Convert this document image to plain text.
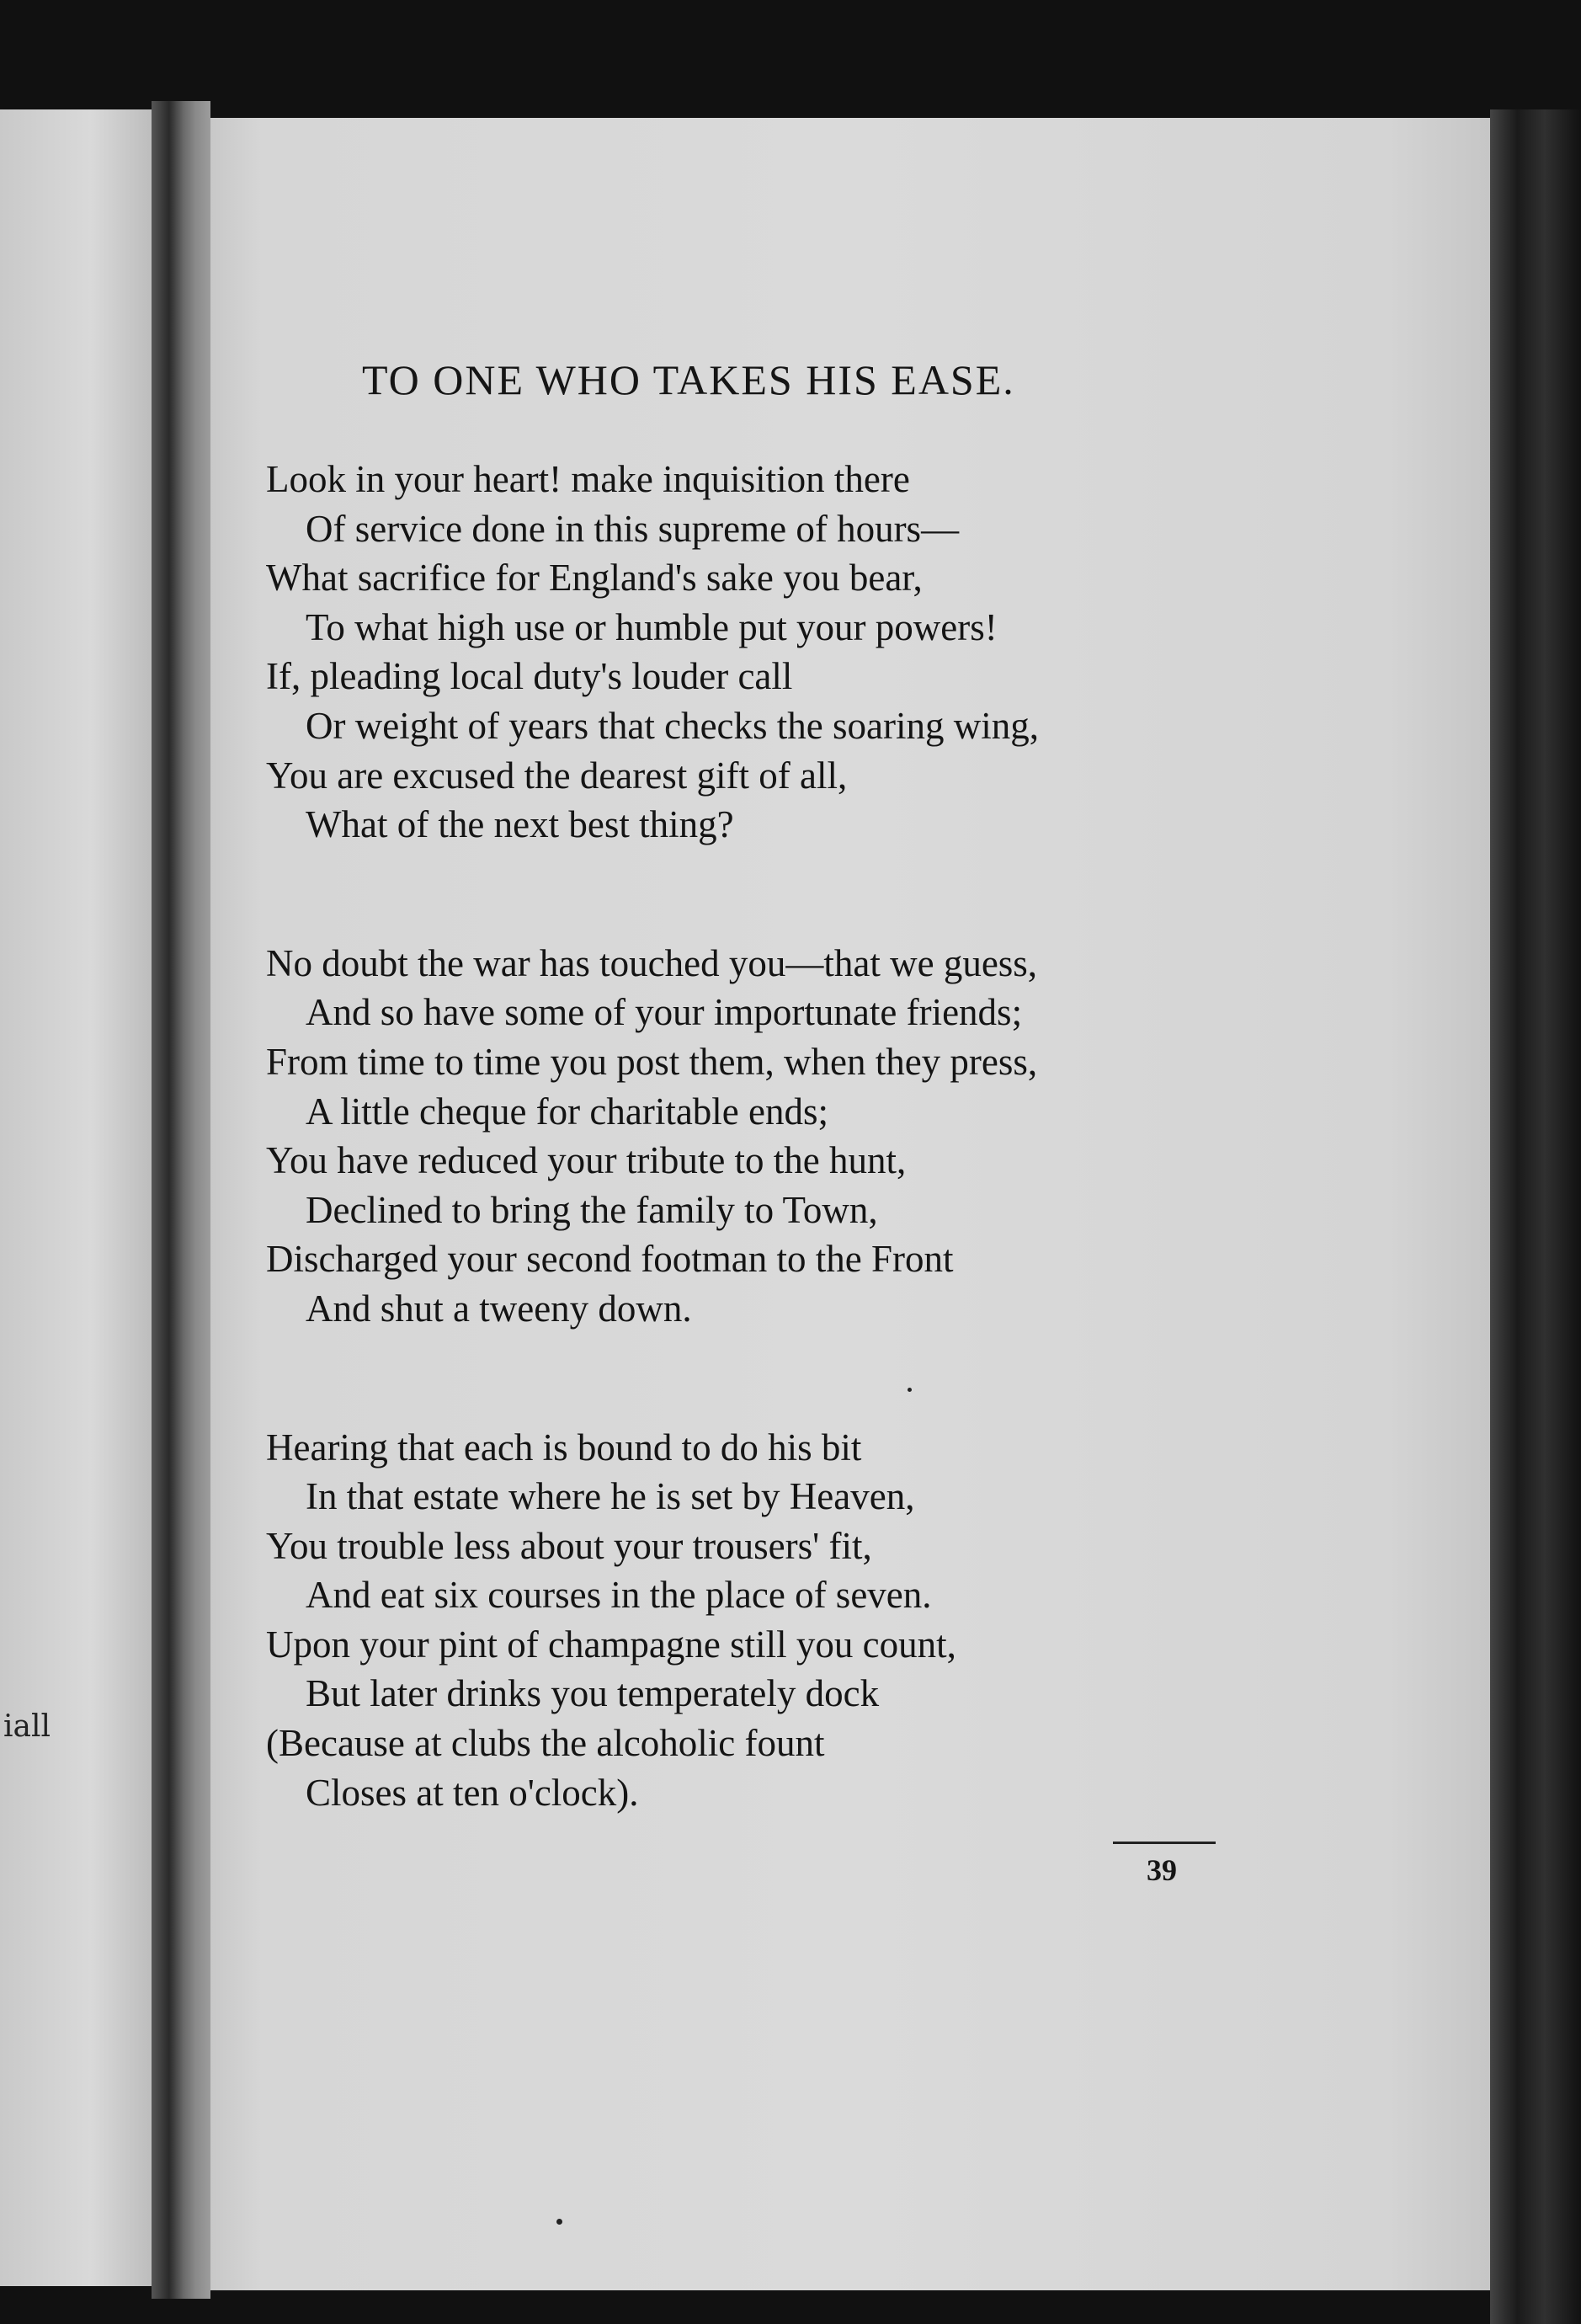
iall
TO ONE WHO TAKES HIS EASE.
Look in your heart! make inquisition there
Of service done in this supreme of hours—
What sacrifice for England's sake you bear,
To what high use or humble put your powers!
If, pleading local duty's louder call
Or weight of years that checks the soaring wing,
You are excused the dearest gift of all,
What of the next best thing?
No doubt the war has touched you—that we guess,
And so have some of your importunate friends;
From time to time you post them, when they press,
A little cheque for charitable ends;
You have reduced your tribute to the hunt,
Declined to bring the family to Town,
Discharged your second footman to the Front
And shut a tweeny down.
Hearing that each is bound to do his bit
In that estate where he is set by Heaven,
You trouble less about your trousers' fit,
And eat six courses in the place of seven.
Upon your pint of champagne still you count,
But later drinks you temperately dock
(Because at clubs the alcoholic fount
Closes at ten o'clock).
39
